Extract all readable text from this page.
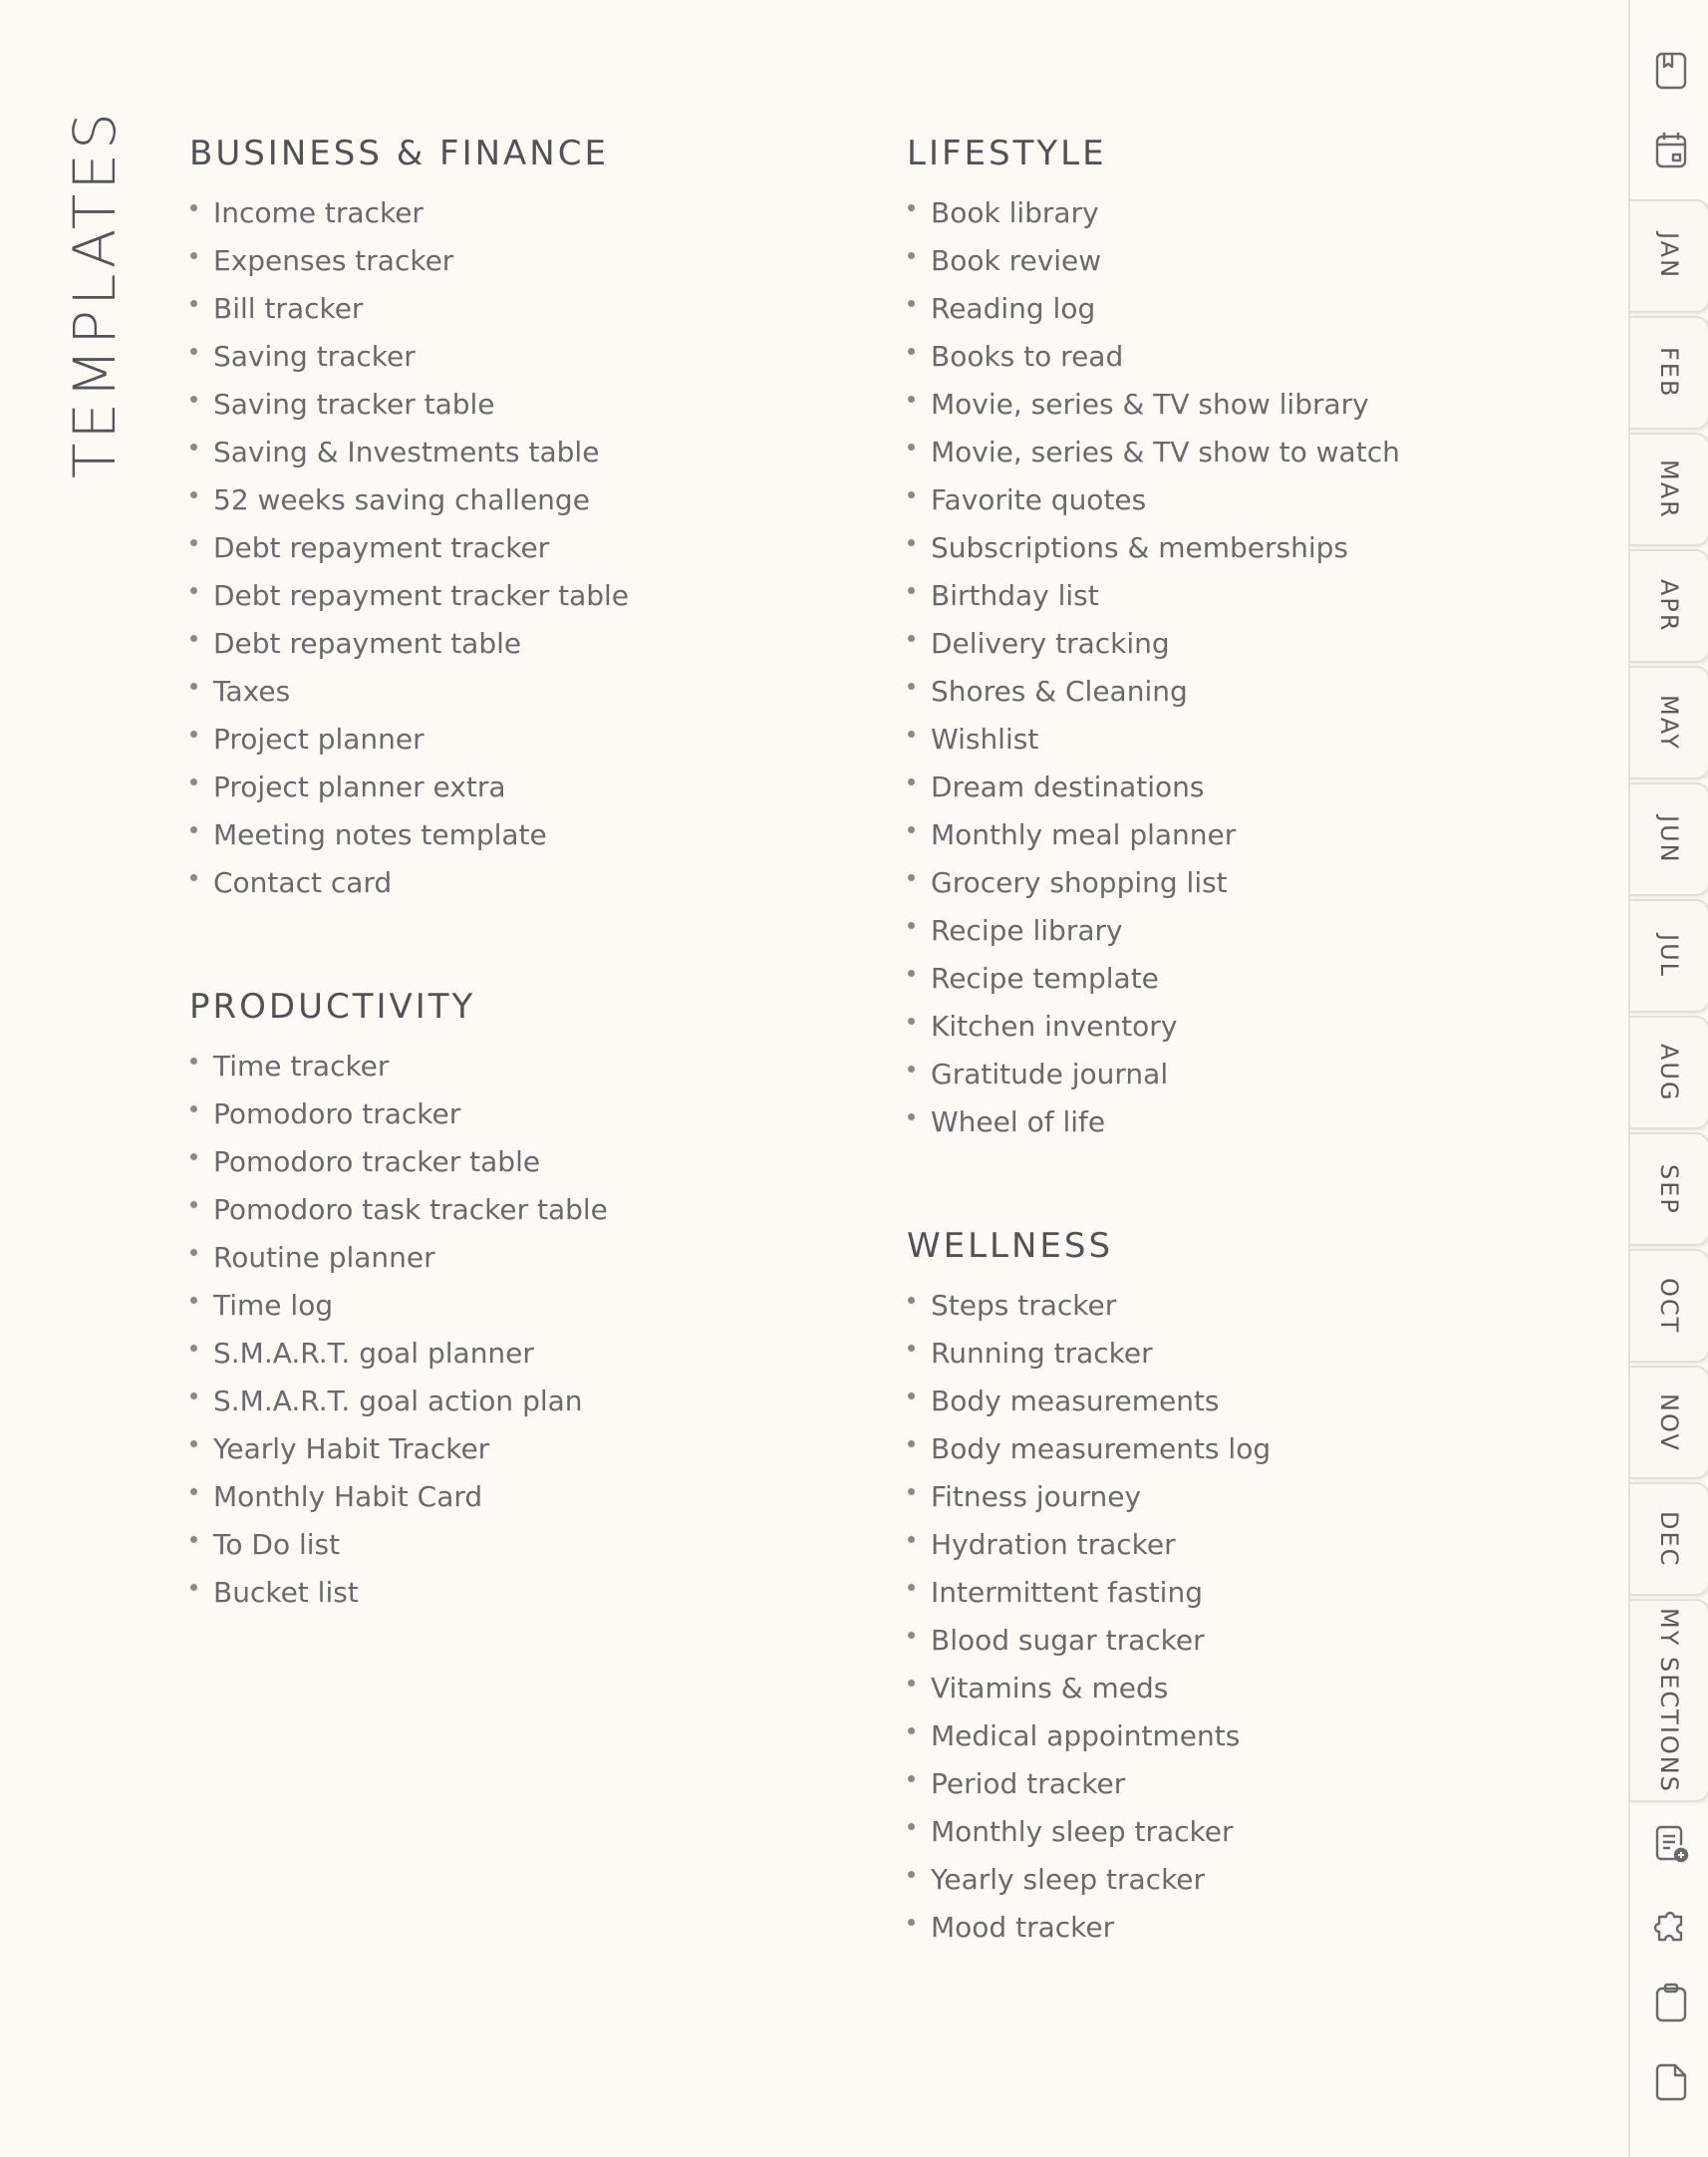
TEMPLATES BUSINESS & FINANCE
Income tracker
Expenses tracker
Bill tracker
Saving tracker
Saving tracker table
Saving & Investments table
52 weeks saving challenge
Debt repayment tracker
Debt repayment tracker table
Debt repayment table
Taxes
Project planner
Project planner extra
Meeting notes template
Contact card
PRODUCTIVITY
Time tracker
Pomodoro tracker
Pomodoro tracker table
Pomodoro task tracker table
Routine planner
Time log
S.M.A.R.T. goal planner
S.M.A.R.T. goal action plan
Yearly Habit Tracker
Monthly Habit Card
To Do list
Bucket list
LIFESTYLE
Book library
Book review
Reading log
Books to read
Movie, series & TV show library
Movie, series & TV show to watch
Favorite quotes
Subscriptions & memberships
Birthday list
Delivery tracking
Shores & Cleaning
Wishlist
Dream destinations
Monthly meal planner
Grocery shopping list
Recipe library
Recipe template
Kitchen inventory
Gratitude journal
Wheel of life
WELLNESS
Steps tracker
Running tracker
Body measurements
Body measurements log
Fitness journey
Hydration tracker
Intermittent fasting
Blood sugar tracker
Vitamins & meds
Medical appointments
Period tracker
Monthly sleep tracker
Yearly sleep tracker
Mood tracker
JAN
FEB
MAR
APR
MAY
JUN
JUL
AUG
SEP
OCT
NOV
DEC
MY SECTIONS
